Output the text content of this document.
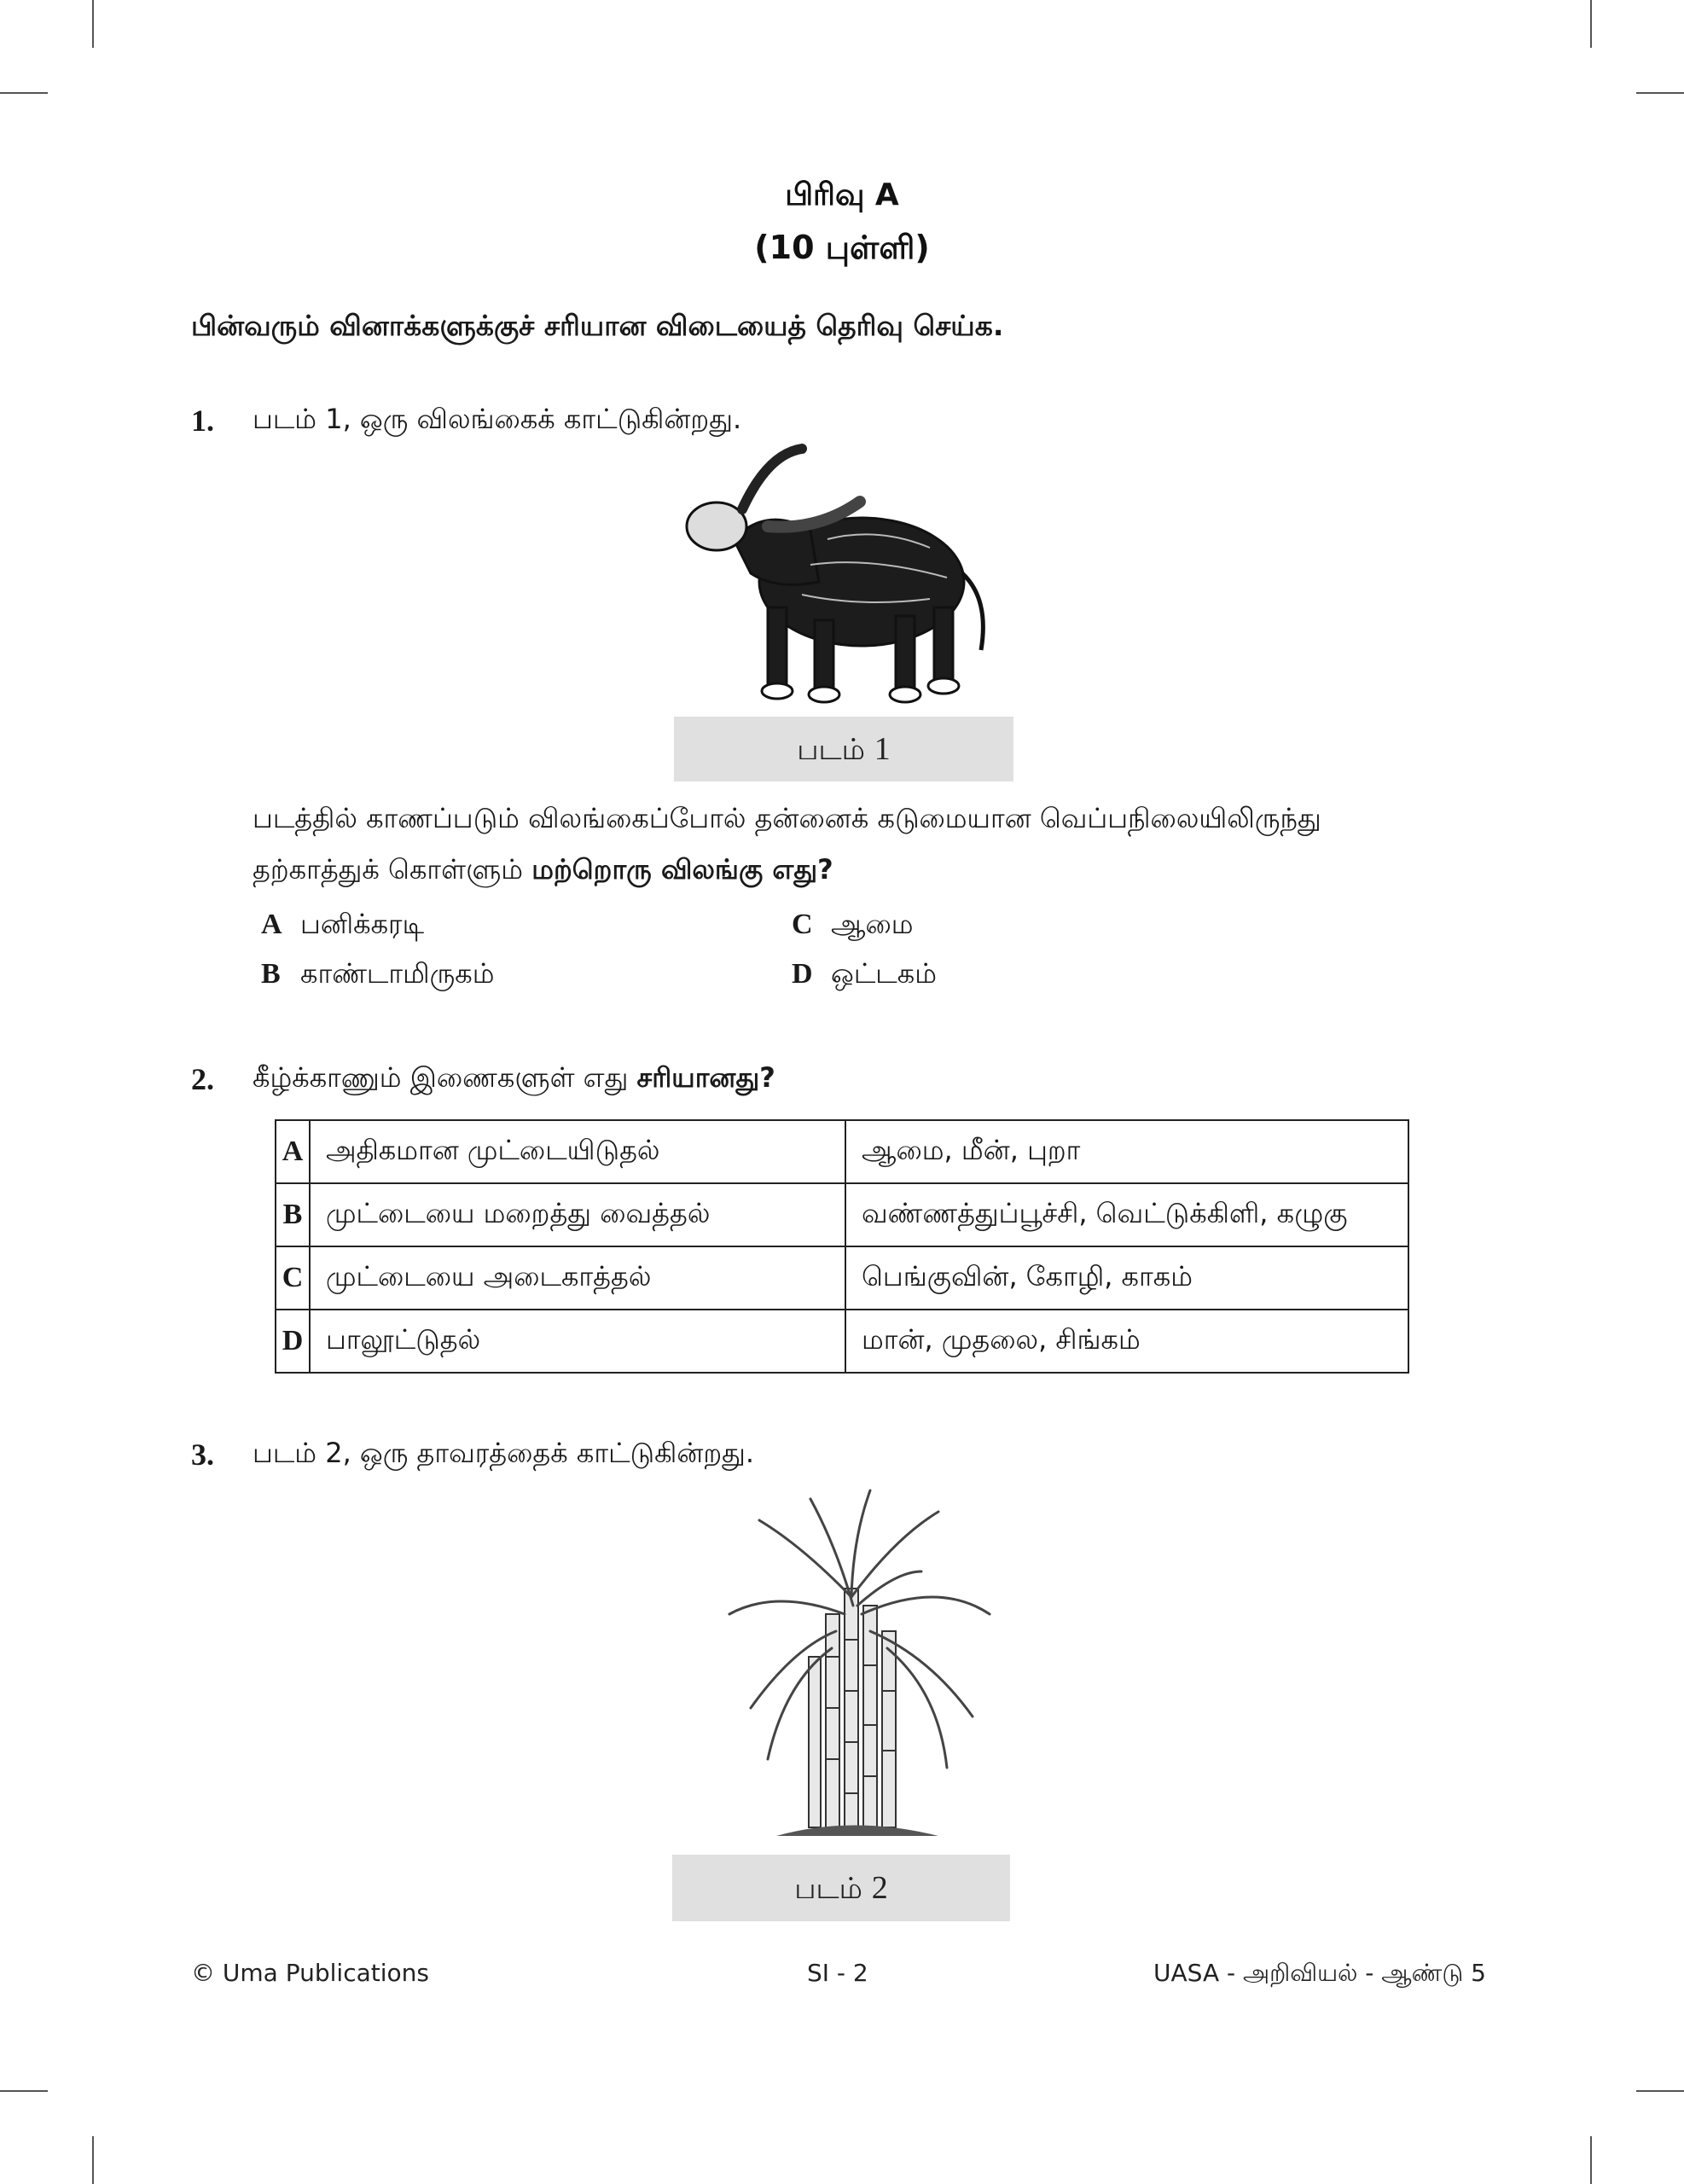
பிரிவு A
(10 புள்ளி)
பின்வரும் வினாக்களுக்குச் சரியான விடையைத் தெரிவு செய்க.
1. படம் 1, ஒரு விலங்கைக் காட்டுகின்றது.
படம் 1
படத்தில் காணப்படும் விலங்கைப்போல் தன்னைக் கடுமையான வெப்பநிலையிலிருந்து
தற்காத்துக் கொள்ளும் மற்றொரு விலங்கு எது?
A பனிக்கரடி
B காண்டாமிருகம்
C ஆமை
D ஒட்டகம்
2. கீழ்க்காணும் இணைகளுள் எது சரியானது?
A	அதிகமான முட்டையிடுதல்	ஆமை, மீன், புறா
B	முட்டையை மறைத்து வைத்தல்	வண்ணத்துப்பூச்சி, வெட்டுக்கிளி, கழுகு
C	முட்டையை அடைகாத்தல்	பெங்குவின், கோழி, காகம்
D	பாலூட்டுதல்	மான், முதலை, சிங்கம்
3. படம் 2, ஒரு தாவரத்தைக் காட்டுகின்றது.
படம் 2
© Uma Publications	SI - 2	UASA - அறிவியல் - ஆண்டு 5
